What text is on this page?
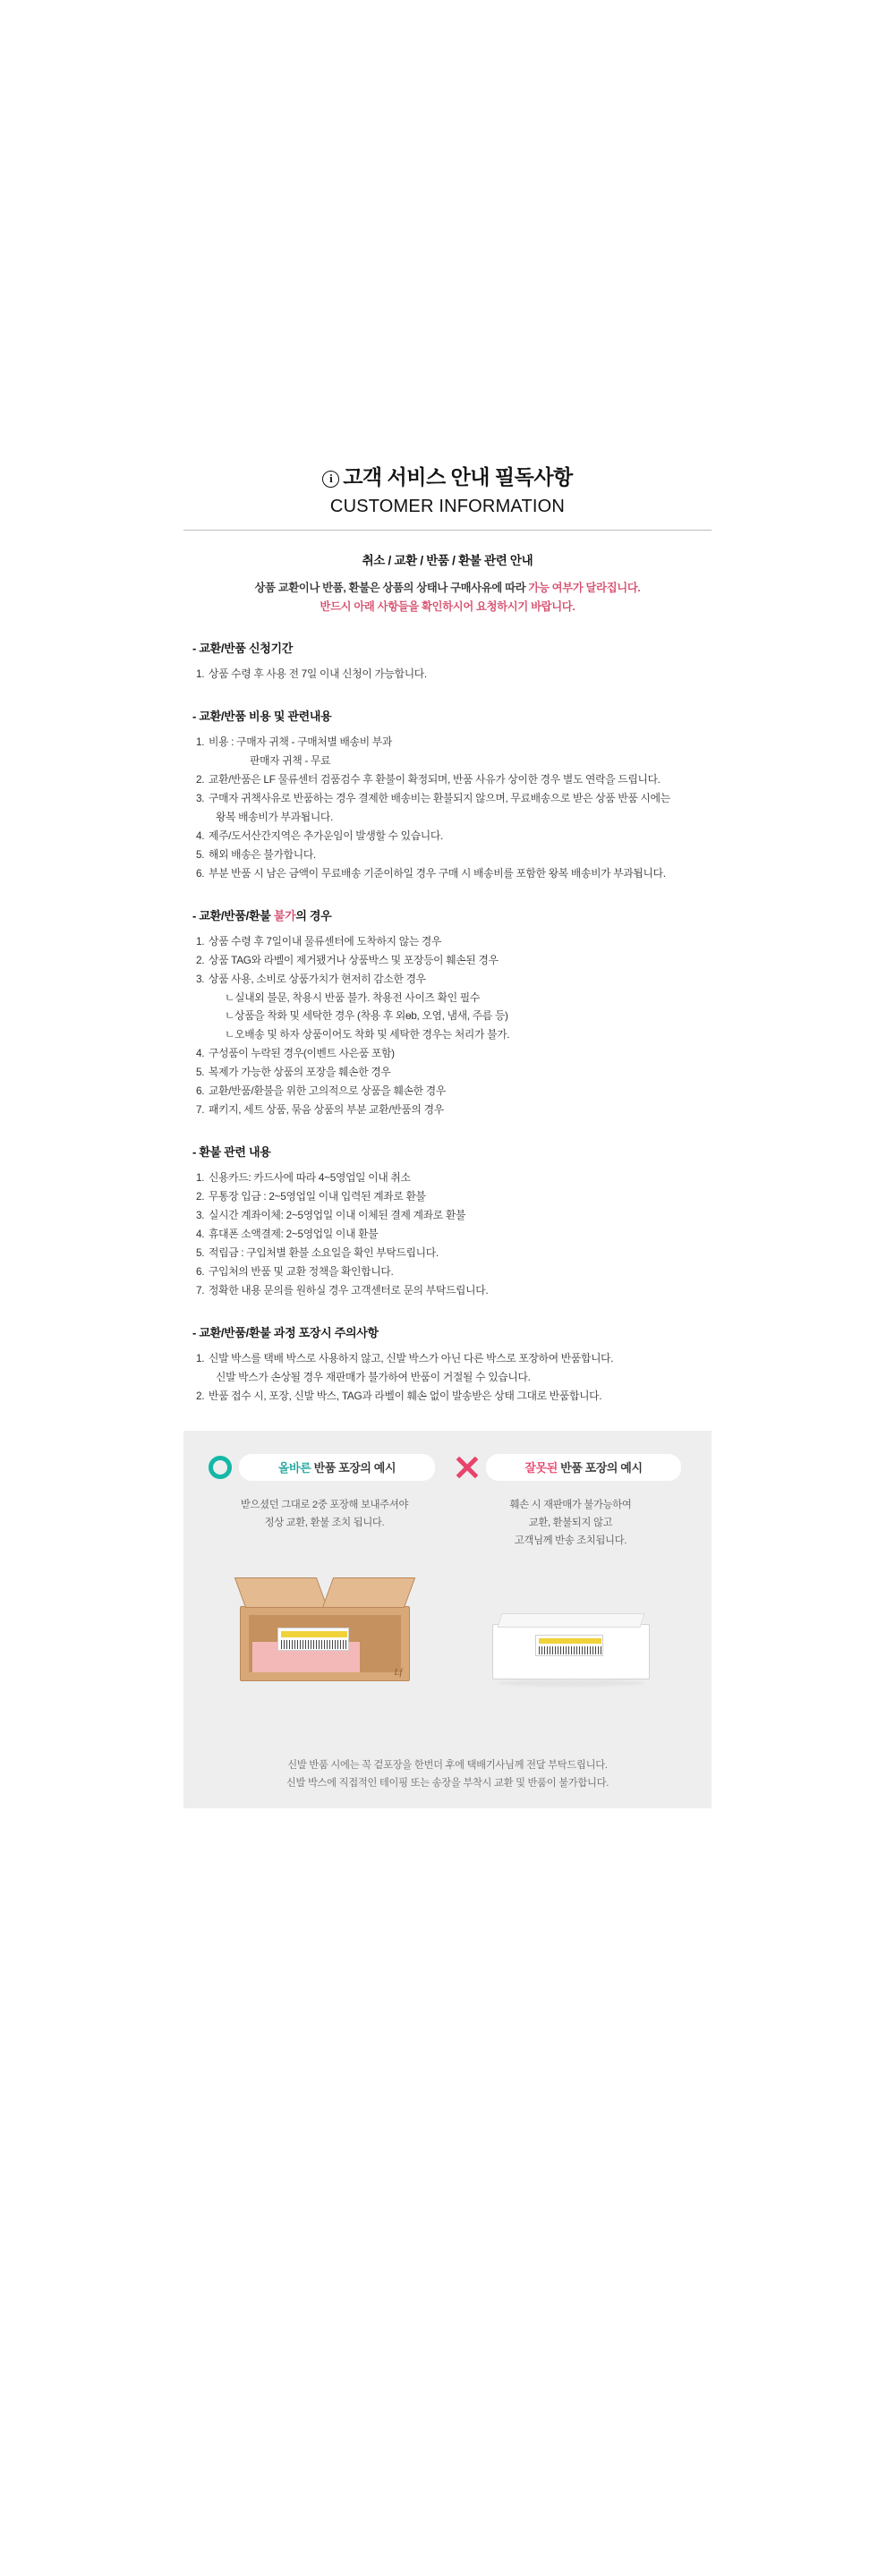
i 고객 서비스 안내 필독사항
CUSTOMER INFORMATION
취소 / 교환 / 반품 / 환불 관련 안내
상품 교환이나 반품, 환불은 상품의 상태나 구매사유에 따라 가능 여부가 달라집니다.
반드시 아래 사항들을 확인하시어 요청하시기 바랍니다.
- 교환/반품 신청기간
1. 상품 수령 후 사용 전 7일 이내 신청이 가능합니다.
- 교환/반품 비용 및 관련내용
1. 비용 : 구매자 귀책 - 구매처별 배송비 부과
판매자 귀책 - 무료
2. 교환/반품은 LF 물류센터 검품검수 후 환불이 확정되며, 반품 사유가 상이한 경우 별도 연락을 드립니다.
3. 구매자 귀책사유로 반품하는 경우 결제한 배송비는 환불되지 않으며, 무료배송으로 받은 상품 반품 시에는
왕복 배송비가 부과됩니다.
4. 제주/도서산간지역은 추가운임이 발생할 수 있습니다.
5. 해외 배송은 불가합니다.
6. 부분 반품 시 남은 금액이 무료배송 기준이하일 경우 구매 시 배송비를 포함한 왕복 배송비가 부과됩니다.
- 교환/반품/환불 불가의 경우
1. 상품 수령 후 7일이내 물류센터에 도착하지 않는 경우
2. 상품 TAG와 라벨이 제거됐거나 상품박스 및 포장등이 훼손된 경우
3. 상품 사용, 소비로 상품가치가 현저히 감소한 경우
ㄴ실내외 불문, 착용시 반품 불가. 착용전 사이즈 확인 필수
ㄴ상품을 착화 및 세탁한 경우 (착용 후 외өb, 오염, 냄새, 주름 등)
ㄴ오배송 및 하자 상품이어도 착화 및 세탁한 경우는 처리가 불가.
4. 구성품이 누락된 경우(이벤트 사은품 포함)
5. 복제가 가능한 상품의 포장을 훼손한 경우
6. 교환/반품/환불을 위한 고의적으로 상품을 훼손한 경우
7. 패키지, 세트 상품, 묶음 상품의 부분 교환/반품의 경우
- 환불 관련 내용
1. 신용카드: 카드사에 따라 4~5영업일 이내 취소
2. 무통장 입금 : 2~5영업일 이내 입력된 계좌로 환불
3. 실시간 계좌이체: 2~5영업일 이내 이체된 결제 계좌로 환불
4. 휴대폰 소액결제: 2~5영업일 이내 환불
5. 적립금 : 구입처별 환불 소요일을 확인 부탁드립니다.
6. 구입처의 반품 및 교환 정책을 확인합니다.
7. 정확한 내용 문의를 원하실 경우 고객센터로 문의 부탁드립니다.
- 교환/반품/환불 과정 포장시 주의사항
1. 신발 박스를 택배 박스로 사용하지 않고, 신발 박스가 아닌 다른 박스로 포장하여 반품합니다.
신발 박스가 손상될 경우 재판매가 불가하여 반품이 거절될 수 있습니다.
2. 반품 접수 시, 포장, 신발 박스, TAG과 라벨이 훼손 없이 발송받은 상태 그대로 반품합니다.
올바른 반품 포장의 예시
받으셨던 그대로 2중 포장해 보내주셔야
정상 교환, 환불 조치 됩니다.
Lf
잘못된 반품 포장의 예시
훼손 시 재판매가 불가능하여
교환, 환불되지 않고
고객님께 반송 조치됩니다.
신발 반품 시에는 꼭 겉포장을 한번더 후에 택배기사님께 전달 부탁드립니다.
신발 박스에 직접적인 테이핑 또는 송장을 부착시 교환 및 반품이 불가합니다.
